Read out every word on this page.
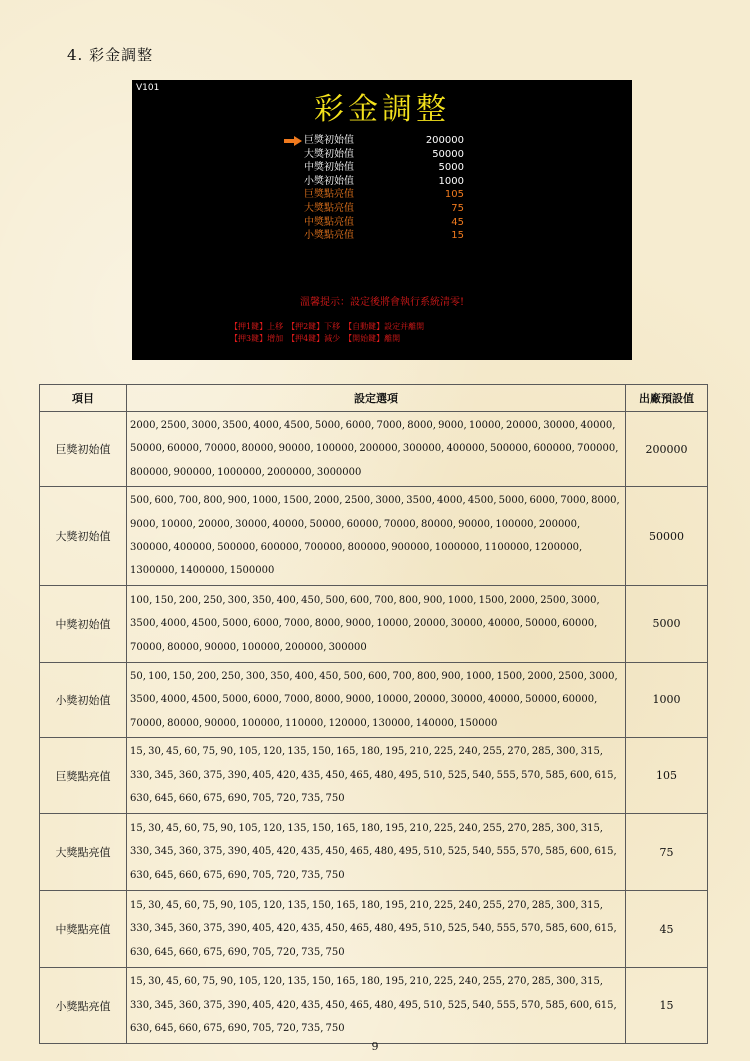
4. 彩金調整
V101
彩金調整
巨獎初始值	200000
大獎初始值	50000
中獎初始值	5000
小獎初始值	1000
巨獎點亮值	105
大獎點亮值	75
中獎點亮值	45
小獎點亮值	15
溫馨提示：設定後將會執行系統清零!
【押1鍵】上移　【押2鍵】下移　【自動鍵】設定并離開
【押3鍵】增加　【押4鍵】減少　【開始鍵】離開
項目	設定選項	出廠預設值
巨獎初始值	2000, 2500, 3000, 3500, 4000, 4500, 5000, 6000, 7000, 8000, 9000, 10000, 20000, 30000, 40000, 50000, 60000, 70000, 80000, 90000, 100000, 200000, 300000, 400000, 500000, 600000, 700000, 800000, 900000, 1000000, 2000000, 3000000	200000
大獎初始值	500, 600, 700, 800, 900, 1000, 1500, 2000, 2500, 3000, 3500, 4000, 4500, 5000, 6000, 7000, 8000, 9000, 10000, 20000, 30000, 40000, 50000, 60000, 70000, 80000, 90000, 100000, 200000, 300000, 400000, 500000, 600000, 700000, 800000, 900000, 1000000, 1100000, 1200000, 1300000, 1400000, 1500000	50000
中獎初始值	100, 150, 200, 250, 300, 350, 400, 450, 500, 600, 700, 800, 900, 1000, 1500, 2000, 2500, 3000, 3500, 4000, 4500, 5000, 6000, 7000, 8000, 9000, 10000, 20000, 30000, 40000, 50000, 60000, 70000, 80000, 90000, 100000, 200000, 300000	5000
小獎初始值	50, 100, 150, 200, 250, 300, 350, 400, 450, 500, 600, 700, 800, 900, 1000, 1500, 2000, 2500, 3000, 3500, 4000, 4500, 5000, 6000, 7000, 8000, 9000, 10000, 20000, 30000, 40000, 50000, 60000, 70000, 80000, 90000, 100000, 110000, 120000, 130000, 140000, 150000	1000
巨獎點亮值	15, 30, 45, 60, 75, 90, 105, 120, 135, 150, 165, 180, 195, 210, 225, 240, 255, 270, 285, 300, 315, 330, 345, 360, 375, 390, 405, 420, 435, 450, 465, 480, 495, 510, 525, 540, 555, 570, 585, 600, 615, 630, 645, 660, 675, 690, 705, 720, 735, 750	105
大獎點亮值	15, 30, 45, 60, 75, 90, 105, 120, 135, 150, 165, 180, 195, 210, 225, 240, 255, 270, 285, 300, 315, 330, 345, 360, 375, 390, 405, 420, 435, 450, 465, 480, 495, 510, 525, 540, 555, 570, 585, 600, 615, 630, 645, 660, 675, 690, 705, 720, 735, 750	75
中獎點亮值	15, 30, 45, 60, 75, 90, 105, 120, 135, 150, 165, 180, 195, 210, 225, 240, 255, 270, 285, 300, 315, 330, 345, 360, 375, 390, 405, 420, 435, 450, 465, 480, 495, 510, 525, 540, 555, 570, 585, 600, 615, 630, 645, 660, 675, 690, 705, 720, 735, 750	45
小獎點亮值	15, 30, 45, 60, 75, 90, 105, 120, 135, 150, 165, 180, 195, 210, 225, 240, 255, 270, 285, 300, 315, 330, 345, 360, 375, 390, 405, 420, 435, 450, 465, 480, 495, 510, 525, 540, 555, 570, 585, 600, 615, 630, 645, 660, 675, 690, 705, 720, 735, 750	15
9
